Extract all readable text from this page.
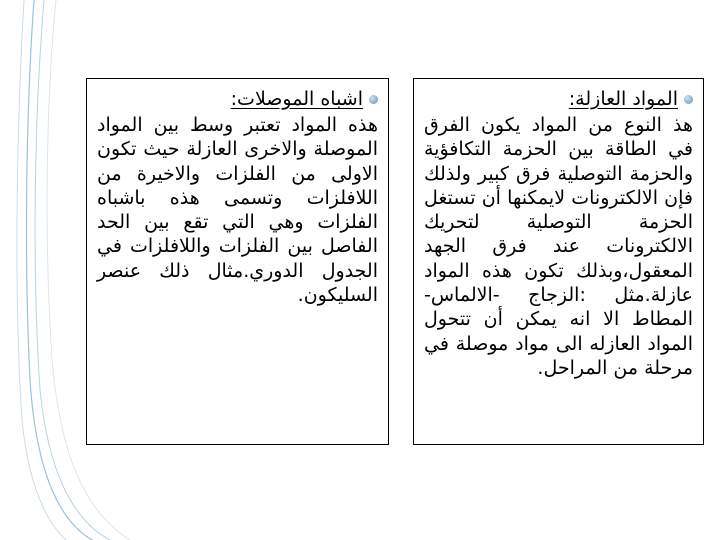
المواد العازلة:

هذ النوع من المواد يكون الفرق في الطاقة بين الحزمة التكافؤية والحزمة التوصلية فرق كبير ولذلك فإن الالكترونات لايمكنها أن تستغل الحزمة التوصلية لتحريك الالكترونات عند فرق الجهد المعقول،وبذلك تكون هذه المواد عازلة.مثل :الزجاج -الالماس-المطاط الا انه يمكن أن تتحول المواد العازله الى مواد موصلة في مرحلة من المراحل.

اشباه الموصلات:

هذه المواد تعتبر وسط بين المواد الموصلة والاخرى العازلة حيث تكون الاولى من الفلزات والاخيرة من اللافلزات وتسمى هذه باشباه الفلزات وهي التي تقع بين الحد الفاصل بين الفلزات واللافلزات في الجدول الدوري.مثال ذلك عنصر السليكون.
